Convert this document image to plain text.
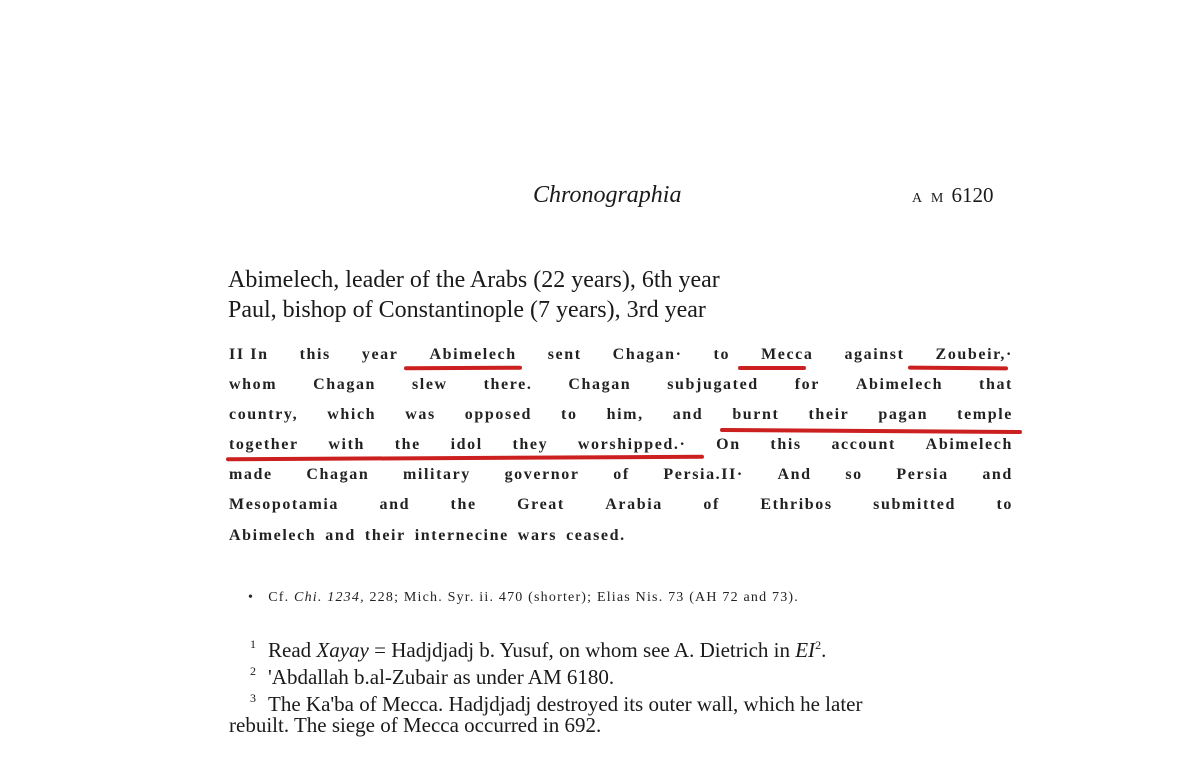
Chronographia	A M 6120
Abimelech, leader of the Arabs (22 years), 6th year
Paul, bishop of Constantinople (7 years), 3rd year
II In this year Abimelech sent Chagan· to Mecca against Zoubeir,·
whom Chagan slew there. Chagan subjugated for Abimelech that
country, which was opposed to him, and burnt their pagan temple
together with the idol they worshipped.· On this account Abimelech
made Chagan military governor of Persia.II· And so Persia and
Mesopotamia	and	the	Great	Arabia	of	Ethribos	submitted	to
Abimelech and their internecine wars ceased.
• Cf. Chi. 1234, 228; Mich. Syr. ii. 470 (shorter); Elias Nis. 73 (AH 72 and 73).
$^1$ Read Xayay = Hadjdjadj b. Yusuf, on whom see A. Dietrich in $EI^2$.
$^2$ 'Abdallah b.al-Zubair as under AM 6180.
$^3$ The Ka'ba of Mecca. Hadjdjadj destroyed its outer wall, which he later
rebuilt. The siege of Mecca occurred in 692.
